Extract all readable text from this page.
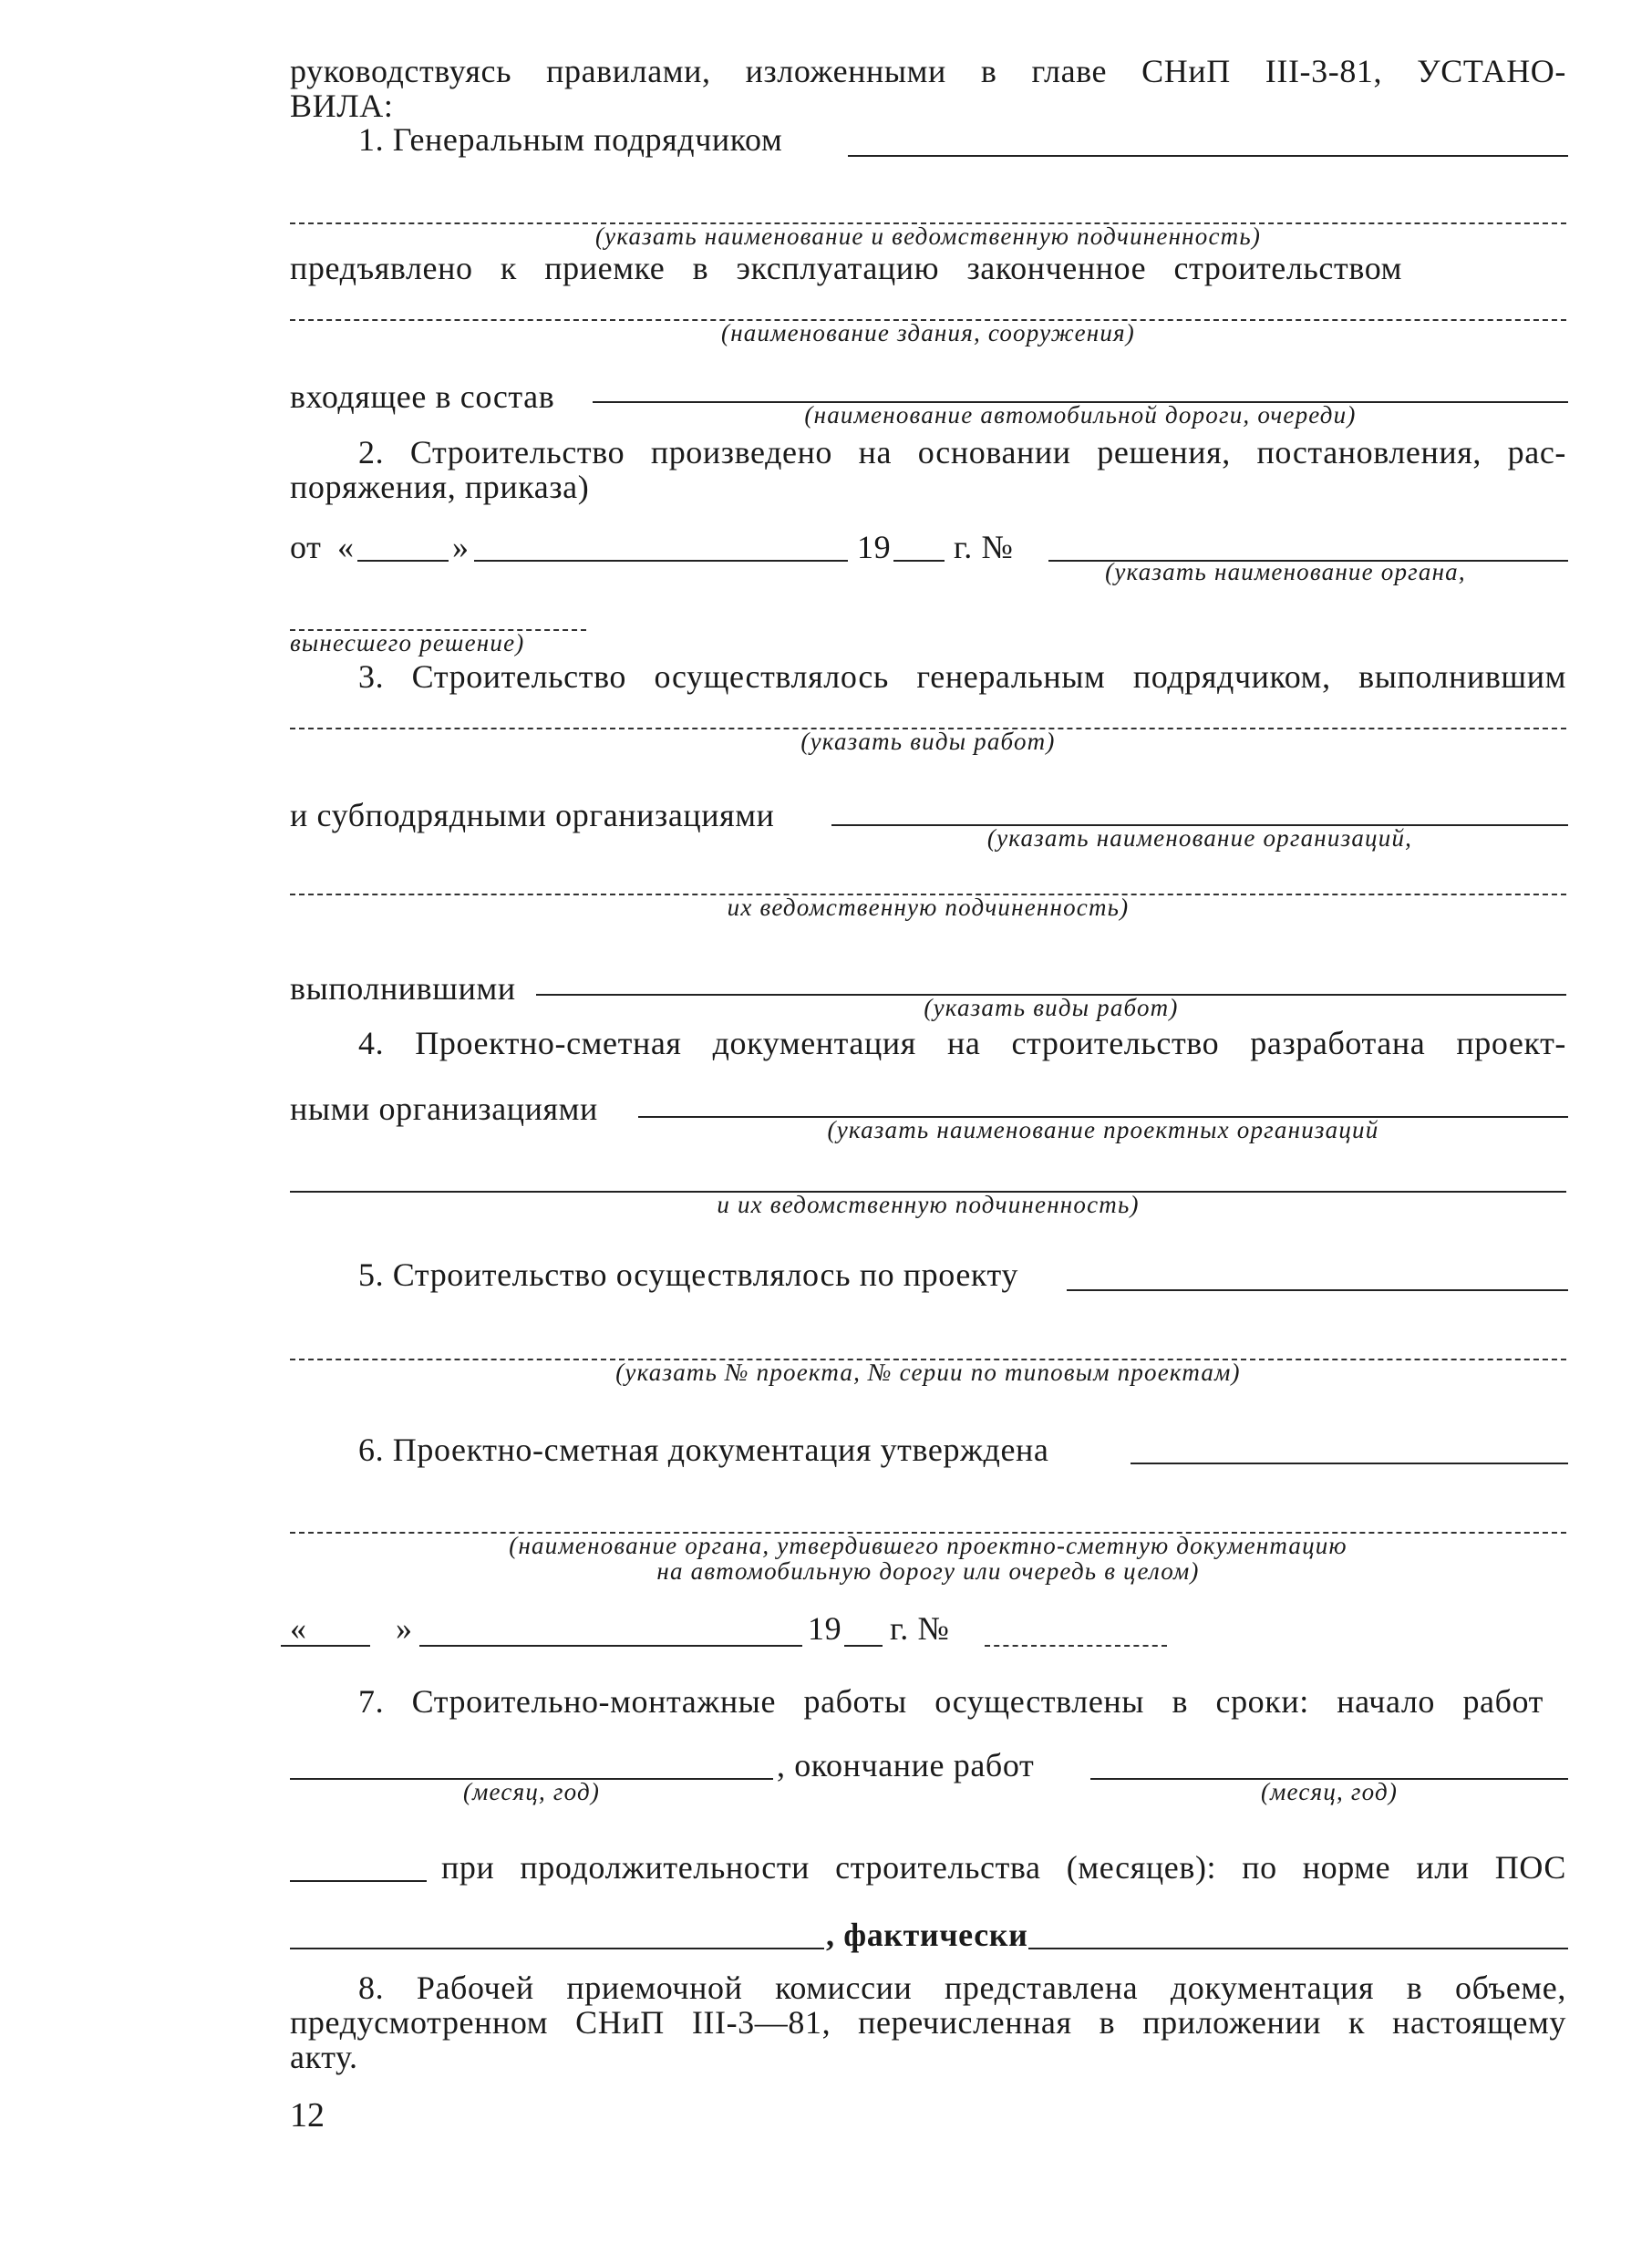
руководствуясь правилами, изложенными в главе СНиП III-3-81, УСТАНО-
ВИЛА:
1. Генеральным подрядчиком
(указать наименование и ведомственную подчиненность)
предъявлено к приемке в эксплуатацию законченное строительством
(наименование здания, сооружения)
входящее в состав	(наименование автомобильной дороги, очереди)
2. Строительство произведено на основании решения, постановления, рас-
поряжения, приказа)
от «	»	19 г. №
(указать наименование органа,
вынесшего решение)
3. Строительство осуществлялось генеральным подрядчиком, выполнившим
(указать виды работ)
и субподрядными организациями
(указать наименование организаций,
их ведомственную подчиненность)
выполнившими
(указать виды работ)
4. Проектно-сметная документация на строительство разработана проект-
ными организациями
(указать наименование проектных организаций
и их ведомственную подчиненность)
5. Строительство осуществлялось по проекту
(указать № проекта, № серии по типовым проектам)
6. Проектно-сметная документация утверждена
(наименование органа, утвердившего проектно-сметную документацию
на автомобильную дорогу или очередь в целом)
«	»	19 г. №
7. Строительно-монтажные работы осуществлены в сроки: начало работ
(месяц, год)
, окончание работ
(месяц, год)
при продолжительности строительства (месяцев): по норме или ПОС
, фактически
8. Рабочей приемочной комиссии представлена документация в объеме,
предусмотренном СНиП III-3—81, перечисленная в приложении к настоящему
акту.
12
